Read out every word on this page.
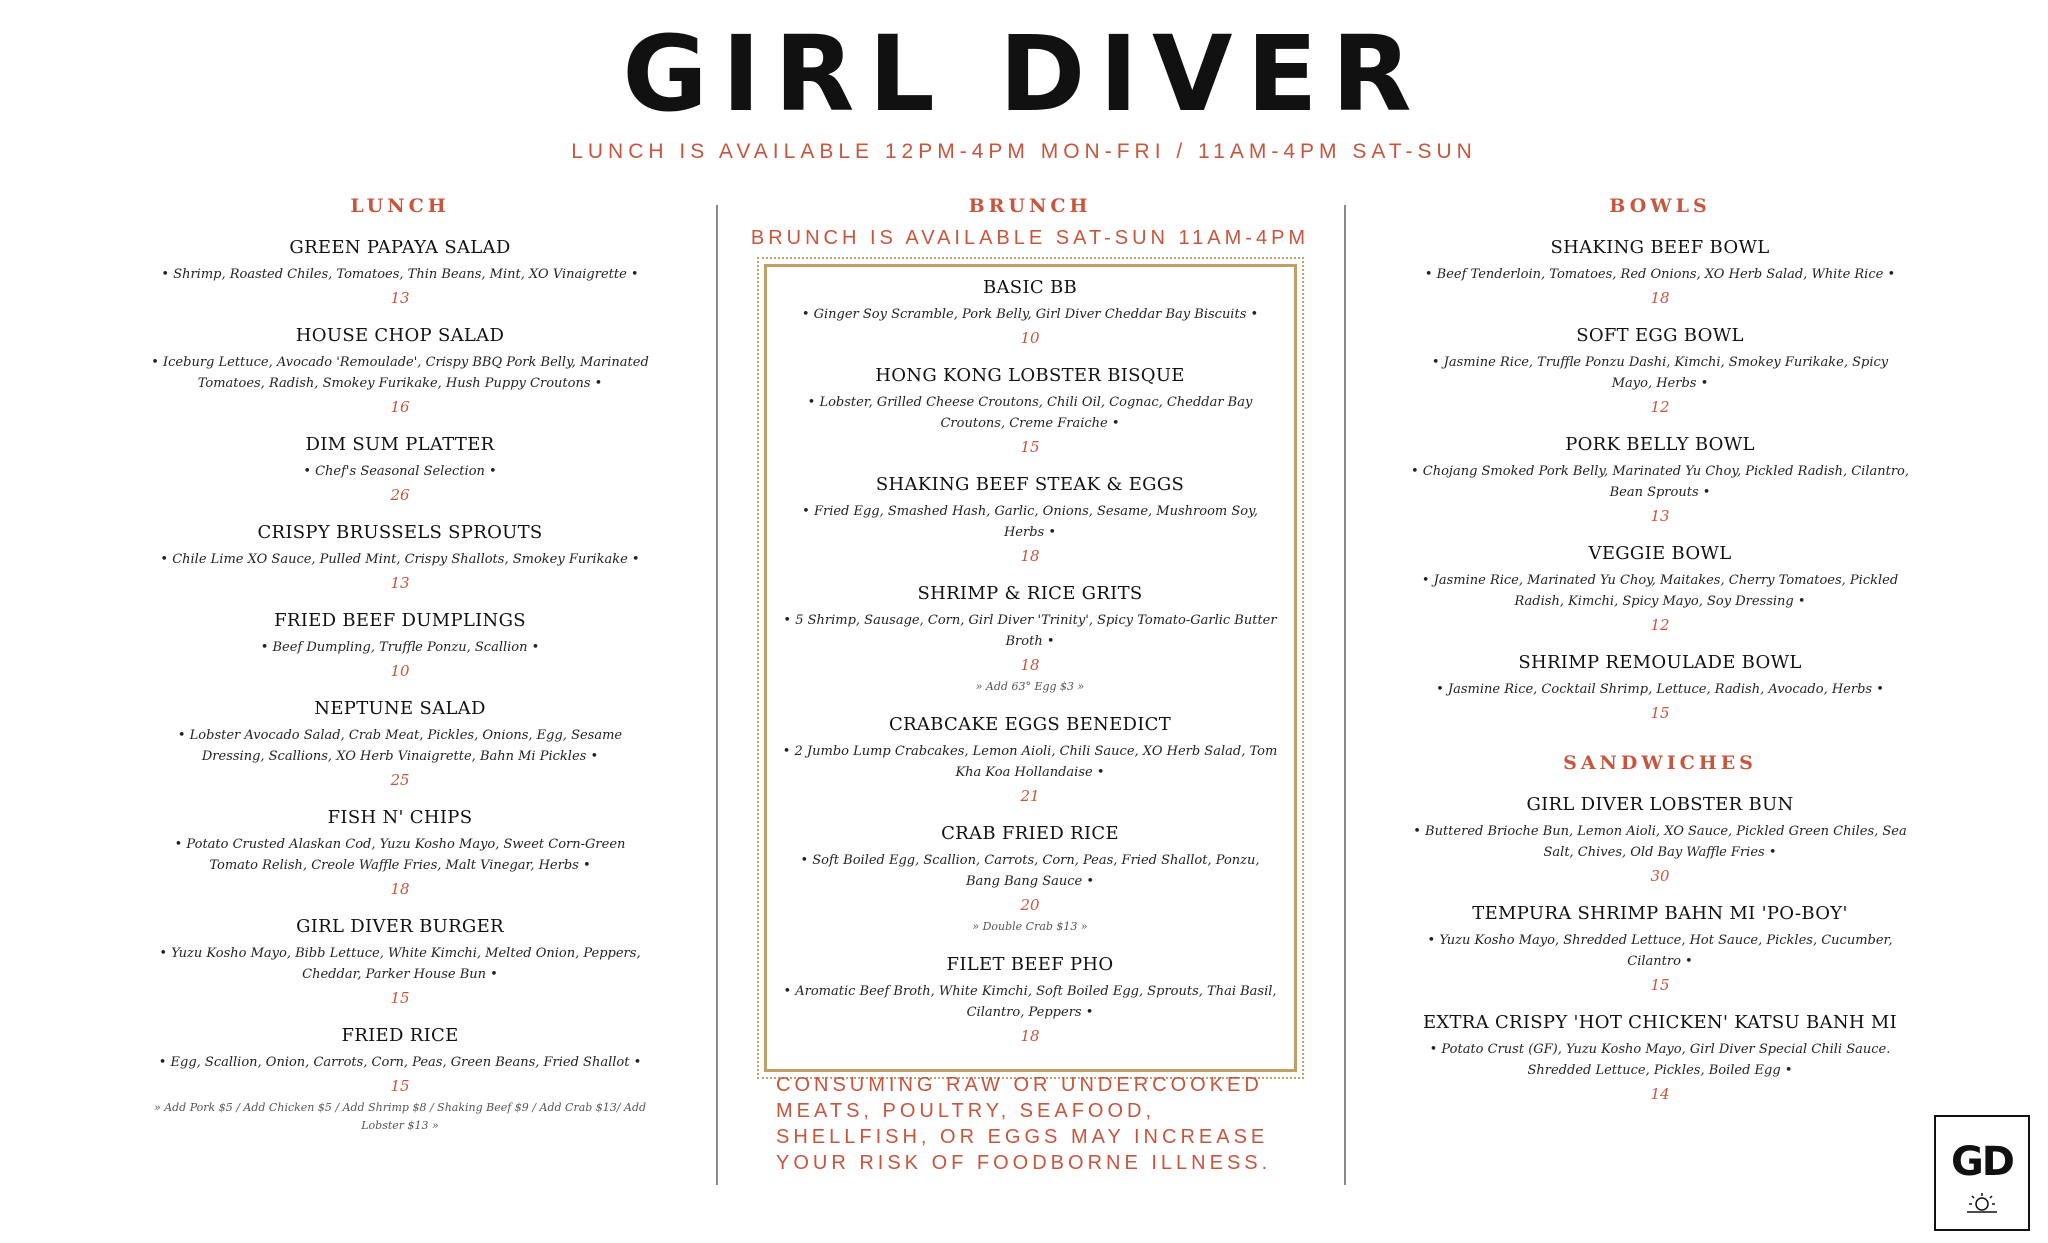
GIRL DIVER
LUNCH IS AVAILABLE 12PM-4PM MON-FRI / 11AM-4PM SAT-SUN
LUNCH
GREEN PAPAYA SALAD
• Shrimp, Roasted Chiles, Tomatoes, Thin Beans, Mint, XO Vinaigrette •
13
HOUSE CHOP SALAD
• Iceburg Lettuce, Avocado 'Remoulade', Crispy BBQ Pork Belly, Marinated Tomatoes, Radish, Smokey Furikake, Hush Puppy Croutons •
16
DIM SUM PLATTER
• Chef's Seasonal Selection •
26
CRISPY BRUSSELS SPROUTS
• Chile Lime XO Sauce, Pulled Mint, Crispy Shallots, Smokey Furikake •
13
FRIED BEEF DUMPLINGS
• Beef Dumpling, Truffle Ponzu, Scallion •
10
NEPTUNE SALAD
• Lobster Avocado Salad, Crab Meat, Pickles, Onions, Egg, Sesame Dressing, Scallions, XO Herb Vinaigrette, Bahn Mi Pickles •
25
FISH N' CHIPS
• Potato Crusted Alaskan Cod, Yuzu Kosho Mayo, Sweet Corn-Green Tomato Relish, Creole Waffle Fries, Malt Vinegar, Herbs •
18
GIRL DIVER BURGER
• Yuzu Kosho Mayo, Bibb Lettuce, White Kimchi, Melted Onion, Peppers, Cheddar, Parker House Bun •
15
FRIED RICE
• Egg, Scallion, Onion, Carrots, Corn, Peas, Green Beans, Fried Shallot •
15
» Add Pork $5 / Add Chicken $5 / Add Shrimp $8 / Shaking Beef $9 / Add Crab $13/ Add Lobster $13 »
BRUNCH
BRUNCH IS AVAILABLE SAT-SUN 11AM-4PM
BASIC BB
• Ginger Soy Scramble, Pork Belly, Girl Diver Cheddar Bay Biscuits •
10
HONG KONG LOBSTER BISQUE
• Lobster, Grilled Cheese Croutons, Chili Oil, Cognac, Cheddar Bay Croutons, Creme Fraiche •
15
SHAKING BEEF STEAK & EGGS
• Fried Egg, Smashed Hash, Garlic, Onions, Sesame, Mushroom Soy, Herbs •
18
SHRIMP & RICE GRITS
• 5 Shrimp, Sausage, Corn, Girl Diver 'Trinity', Spicy Tomato-Garlic Butter Broth •
18
» Add 63° Egg $3 »
CRABCAKE EGGS BENEDICT
• 2 Jumbo Lump Crabcakes, Lemon Aioli, Chili Sauce, XO Herb Salad, Tom Kha Koa Hollandaise •
21
CRAB FRIED RICE
• Soft Boiled Egg, Scallion, Carrots, Corn, Peas, Fried Shallot, Ponzu, Bang Bang Sauce •
20
» Double Crab $13 »
FILET BEEF PHO
• Aromatic Beef Broth, White Kimchi, Soft Boiled Egg, Sprouts, Thai Basil, Cilantro, Peppers •
18
CONSUMING RAW OR UNDERCOOKED MEATS, POULTRY, SEAFOOD, SHELLFISH, OR EGGS MAY INCREASE YOUR RISK OF FOODBORNE ILLNESS.
BOWLS
SHAKING BEEF BOWL
• Beef Tenderloin, Tomatoes, Red Onions, XO Herb Salad, White Rice •
18
SOFT EGG BOWL
• Jasmine Rice, Truffle Ponzu Dashi, Kimchi, Smokey Furikake, Spicy Mayo, Herbs •
12
PORK BELLY BOWL
• Chojang Smoked Pork Belly, Marinated Yu Choy, Pickled Radish, Cilantro, Bean Sprouts •
13
VEGGIE BOWL
• Jasmine Rice, Marinated Yu Choy, Maitakes, Cherry Tomatoes, Pickled Radish, Kimchi, Spicy Mayo, Soy Dressing •
12
SHRIMP REMOULADE BOWL
• Jasmine Rice, Cocktail Shrimp, Lettuce, Radish, Avocado, Herbs •
15
SANDWICHES
GIRL DIVER LOBSTER BUN
• Buttered Brioche Bun, Lemon Aioli, XO Sauce, Pickled Green Chiles, Sea Salt, Chives, Old Bay Waffle Fries •
30
TEMPURA SHRIMP BAHN MI 'PO-BOY'
• Yuzu Kosho Mayo, Shredded Lettuce, Hot Sauce, Pickles, Cucumber, Cilantro •
15
EXTRA CRISPY 'HOT CHICKEN' KATSU BANH MI
• Potato Crust (GF), Yuzu Kosho Mayo, Girl Diver Special Chili Sauce. Shredded Lettuce, Pickles, Boiled Egg •
14
GD
